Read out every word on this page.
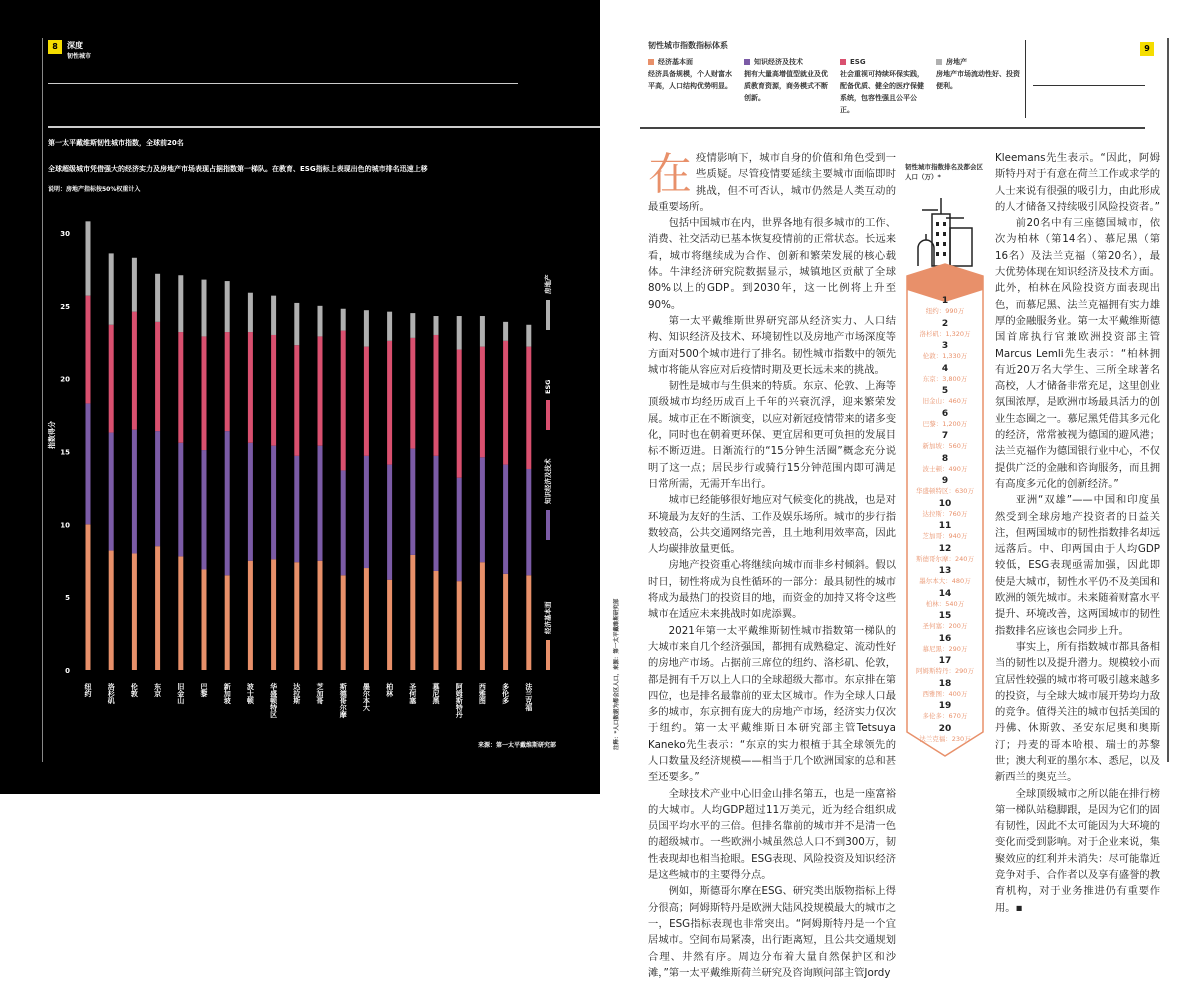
8	深度
韧性城市
第一太平戴维斯韧性城市指数，全球前20名
全球超级城市凭借强大的经济实力及房地产市场表现占据指数第一梯队。在教育、ESG指标上表现出色的城市排名迅速上移
说明：房地产指标按50%权重计入
0
5
10
15
20
25
30
指数得分
纽约 洛杉矶 伦敦 东京 旧金山 巴黎 新加坡 波士顿 华盛顿特区 达拉斯 芝加哥 斯德哥尔摩 墨尔本大 柏林 圣何塞 慕尼黑 阿姆斯特丹 西雅图 多伦多 法兰克福
经济基本面
知识经济及技术
ESG
房地产
来源：第一太平戴维斯研究部
韧性城市指数指标体系
经济基本面
经济具备规模，个人财富水平高，人口结构优势明显。
知识经济及技术
拥有大量高增值型就业及优质教育资源，商务模式不断创新。
ESG
社会重视可持续环保实践，配备优质、健全的医疗保健系统，包容性强且公平公正。
房地产
房地产市场流动性好、投资便利。
9
在 疫情影响下，城市自身的价值和角色受到一些质疑。尽管疫情要延续主要城市面临即时挑战，但不可否认，城市仍然是人类互动的最重要场所。

包括中国城市在内，世界各地有很多城市的工作、消费、社交活动已基本恢复疫情前的正常状态。长远来看，城市将继续成为合作、创新和繁荣发展的核心载体。牛津经济研究院数据显示，城镇地区贡献了全球80%以上的GDP。到2030年，这一比例将上升至90%。

第一太平戴维斯世界研究部从经济实力、人口结构、知识经济及技术、环境韧性以及房地产市场深度等方面对500个城市进行了排名。韧性城市指数中的领先城市将能从容应对后疫情时期及更长远未来的挑战。

韧性是城市与生俱来的特质。东京、伦敦、上海等顶级城市均经历成百上千年的兴衰沉浮，迎来繁荣发展。城市正在不断演变，以应对新冠疫情带来的诸多变化，同时也在朝着更环保、更宜居和更可负担的发展目标不断迈进。日渐流行的“15分钟生活圈”概念充分说明了这一点；居民步行或骑行15分钟范围内即可满足日常所需，无需开车出行。

城市已经能够很好地应对气候变化的挑战，也是对环境最为友好的生活、工作及娱乐场所。城市的步行指数较高，公共交通网络完善，且土地利用效率高，因此人均碳排放量更低。

房地产投资重心将继续向城市而非乡村倾斜。假以时日，韧性将成为良性循环的一部分：最具韧性的城市将成为最热门的投资目的地，而资金的加持又将令这些城市在适应未来挑战时如虎添翼。

2021年第一太平戴维斯韧性城市指数第一梯队的大城市来自几个经济强国，都拥有成熟稳定、流动性好的房地产市场。占据前三席位的纽约、洛杉矶、伦敦，都是拥有千万以上人口的全球超级大都市。东京排在第四位，也是排名最靠前的亚太区城市。作为全球人口最多的城市，东京拥有庞大的房地产市场，经济实力仅次于纽约。第一太平戴维斯日本研究部主管Tetsuya Kaneko先生表示：“东京的实力根植于其全球领先的人口数量及经济规模——相当于几个欧洲国家的总和甚至还要多。”

全球技术产业中心旧金山排名第五，也是一座富裕的大城市。人均GDP超过11万美元，近为经合组织成员国平均水平的三倍。但排名靠前的城市并不是清一色的超级城市。一些欧洲小城虽然总人口不到300万，韧性表现却也相当抢眼。ESG表现、风险投资及知识经济是这些城市的主要得分点。

例如，斯德哥尔摩在ESG、研究类出版物指标上得分很高；阿姆斯特丹是欧洲大陆风投规模最大的城市之一，ESG指标表现也非常突出。“阿姆斯特丹是一个宜居城市。空间布局紧凑，出行距离短，且公共交通规划合理、井然有序。周边分布着大量自然保护区和沙滩，”第一太平戴维斯荷兰研究及咨询顾问部主管Jordy

韧性城市指数排名及都会区人口（万）*
1
纽约：990万
2
洛杉矶：1,320万
3
伦敦：1,330万
4
东京：3,800万
5
旧金山：460万
6
巴黎：1,200万
7
新加坡：560万
8
波士顿：490万
9
华盛顿特区：630万
10
达拉斯：760万
11
芝加哥：940万
12
斯德哥尔摩：240万
13
墨尔本大：480万
14
柏林：540万
15
圣何塞：200万
16
慕尼黑：290万
17
阿姆斯特丹：290万
18
西雅图：400万
19
多伦多：670万
20
法兰克福：230万
注释：*人口数据为都会区人口，来源：第一太平戴维斯研究部

Kleemans先生表示。“因此，阿姆斯特丹对于有意在荷兰工作或求学的人士来说有很强的吸引力，由此形成的人才储备又持续吸引风险投资者。”

前20名中有三座德国城市，依次为柏林（第14名）、慕尼黑（第16名）及法兰克福（第20名），最大优势体现在知识经济及技术方面。此外，柏林在风险投资方面表现出色，而慕尼黑、法兰克福拥有实力雄厚的金融服务业。第一太平戴维斯德国首席执行官兼欧洲投资部主管Marcus Lemli先生表示：“柏林拥有近20万名大学生、三所全球著名高校，人才储备非常充足，这里创业氛围浓厚，是欧洲市场最具活力的创业生态圈之一。慕尼黑凭借其多元化的经济，常常被视为德国的避风港；法兰克福作为德国银行业中心，不仅提供广泛的金融和咨询服务，而且拥有高度多元化的创新经济。”

亚洲“双雄”——中国和印度虽然受到全球房地产投资者的日益关注，但两国城市的韧性指数排名却远远落后。中、印两国由于人均GDP较低，ESG表现亟需加强，因此即使是大城市，韧性水平仍不及美国和欧洲的领先城市。未来随着财富水平提升、环境改善，这两国城市的韧性指数排名应该也会同步上升。

事实上，所有指数城市都具备相当的韧性以及提升潜力。规模较小而宜居性较强的城市将可吸引越来越多的投资，与全球大城市展开势均力敌的竞争。值得关注的城市包括美国的丹佛、休斯敦、圣安东尼奥和奥斯汀；丹麦的哥本哈根、瑞士的苏黎世；澳大利亚的墨尔本、悉尼，以及新西兰的奥克兰。

全球顶级城市之所以能在排行榜第一梯队站稳脚跟，是因为它们的固有韧性，因此不太可能因为大环境的变化而受到影响。对于企业来说，集聚效应的红利并未消失：尽可能靠近竞争对手、合作者以及享有盛誉的教育机构，对于业务推进仍有重要作用。▪
